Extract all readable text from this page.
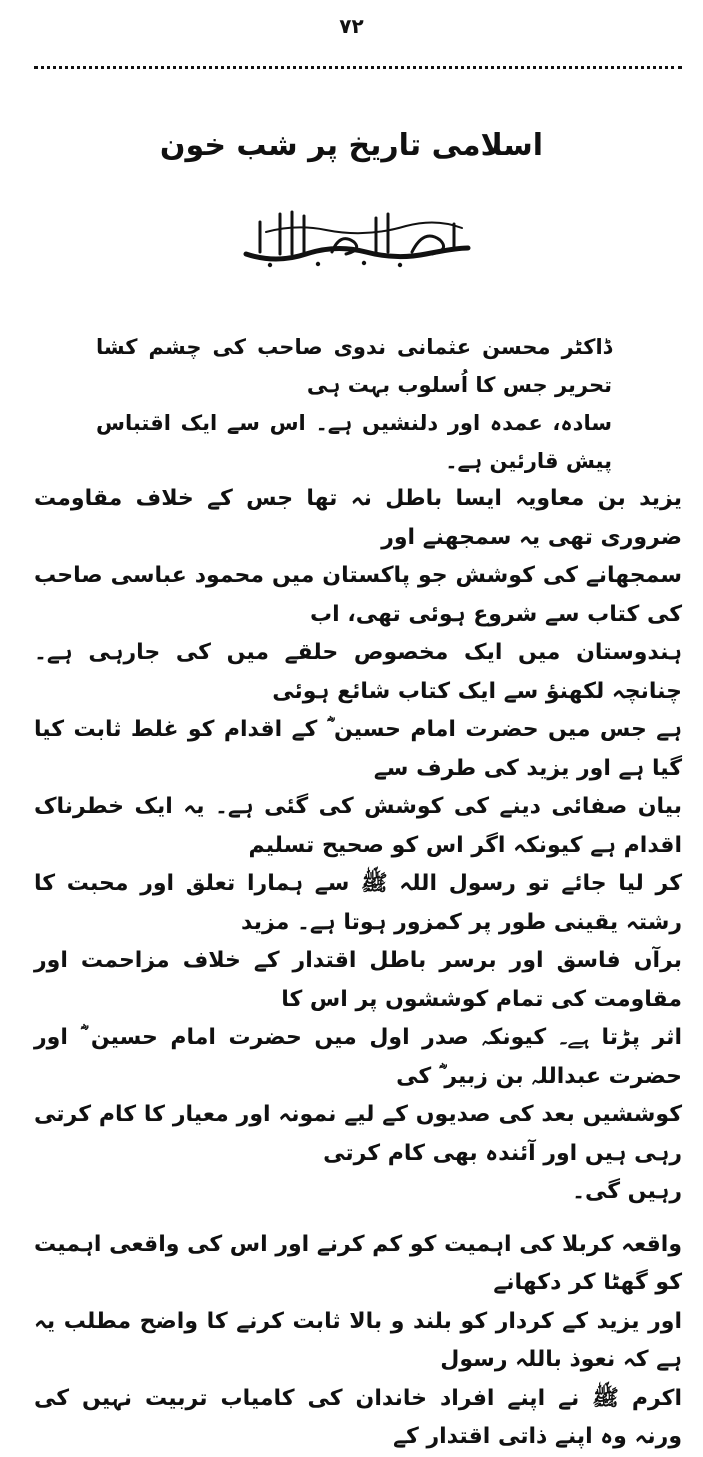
٧٢
اسلامی تاریخ پر شب خون

ڈاکٹر محسن عثمانی ندوی صاحب کی چشم کشا تحریر جس کا اُسلوب بہت ہی

سادہ، عمدہ اور دلنشیں ہے۔ اس سے ایک اقتباس پیش قارئین ہے۔

یزید بن معاویہ ایسا باطل نہ تھا جس کے خلاف مقاومت ضروری تھی یہ سمجھنے اور

سمجھانے کی کوشش جو پاکستان میں محمود عباسی صاحب کی کتاب سے شروع ہوئی تھی، اب

ہندوستان میں ایک مخصوص حلقے میں کی جارہی ہے۔ چنانچہ لکھنؤ سے ایک کتاب شائع ہوئی

ہے جس میں حضرت امام حسین ؓ کے اقدام کو غلط ثابت کیا گیا ہے اور یزید کی طرف سے

بیان صفائی دینے کی کوشش کی گئی ہے۔ یہ ایک خطرناک اقدام ہے کیونکہ اگر اس کو صحیح تسلیم

کر لیا جائے تو رسول اللہ ﷺ سے ہمارا تعلق اور محبت کا رشتہ یقینی طور پر کمزور ہوتا ہے۔ مزید

برآں فاسق اور برسر باطل اقتدار کے خلاف مزاحمت اور مقاومت کی تمام کوششوں پر اس کا

اثر پڑتا ہے۔ کیونکہ صدر اول میں حضرت امام حسین ؓ اور حضرت عبداللہ بن زبیر ؓ کی

کوششیں بعد کی صدیوں کے لیے نمونہ اور معیار کا کام کرتی رہی ہیں اور آئندہ بھی کام کرتی

رہیں گی۔

واقعہ کربلا کی اہمیت کو کم کرنے اور اس کی واقعی اہمیت کو گھٹا کر دکھانے

اور یزید کے کردار کو بلند و بالا ثابت کرنے کا واضح مطلب یہ ہے کہ نعوذ باللہ رسول

اکرم ﷺ نے اپنے افراد خاندان کی کامیاب تربیت نہیں کی ورنہ وہ اپنے ذاتی اقتدار کے
